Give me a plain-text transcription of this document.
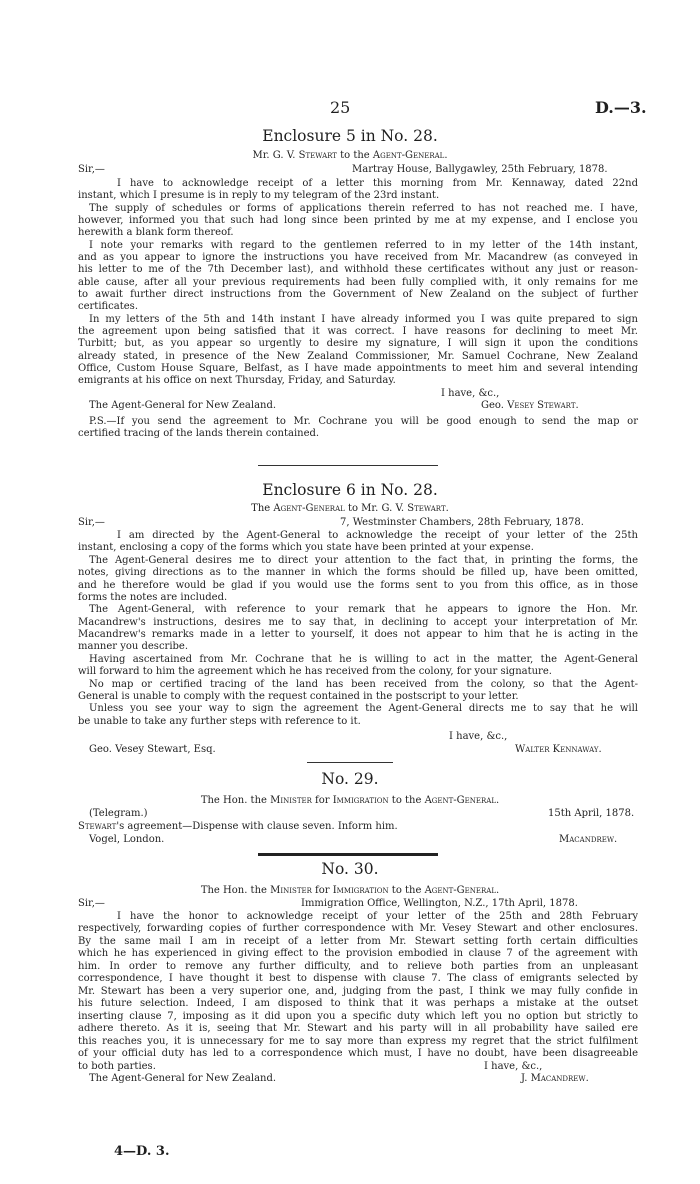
25	D.—3.
Enclosure 5 in No. 28.
Mr. G. V. Stewart to the Agent-General.
Sir,—	Martray House, Ballygawley, 25th February, 1878.
I have to acknowledge receipt of a letter this morning from Mr. Kennaway, dated 22nd
instant, which I presume is in reply to my telegram of the 23rd instant.
The supply of schedules or forms of applications therein referred to has not reached me. I have,
however, informed you that such had long since been printed by me at my expense, and I enclose you
herewith a blank form thereof.
I note your remarks with regard to the gentlemen referred to in my letter of the 14th instant,
and as you appear to ignore the instructions you have received from Mr. Macandrew (as conveyed in
his letter to me of the 7th December last), and withhold these certificates without any just or reason-
able cause, after all your previous requirements had been fully complied with, it only remains for me
to await further direct instructions from the Government of New Zealand on the subject of further
certificates.
In my letters of the 5th and 14th instant I have already informed you I was quite prepared to sign
the agreement upon being satisfied that it was correct. I have reasons for declining to meet Mr.
Turbitt; but, as you appear so urgently to desire my signature, I will sign it upon the conditions
already stated, in presence of the New Zealand Commissioner, Mr. Samuel Cochrane, New Zealand
Office, Custom House Square, Belfast, as I have made appointments to meet him and several intending
emigrants at his office on next Thursday, Friday, and Saturday.
I have, &c.,
The Agent-General for New Zealand.	Geo. Vesey Stewart.
P.S.—If you send the agreement to Mr. Cochrane you will be good enough to send the map or
certified tracing of the lands therein contained.
Enclosure 6 in No. 28.
The Agent-General to Mr. G. V. Stewart.
Sir,—	7, Westminster Chambers, 28th February, 1878.
I am directed by the Agent-General to acknowledge the receipt of your letter of the 25th
instant, enclosing a copy of the forms which you state have been printed at your expense.
The Agent-General desires me to direct your attention to the fact that, in printing the forms, the
notes, giving directions as to the manner in which the forms should be filled up, have been omitted,
and he therefore would be glad if you would use the forms sent to you from this office, as in those
forms the notes are included.
The Agent-General, with reference to your remark that he appears to ignore the Hon. Mr.
Macandrew's instructions, desires me to say that, in declining to accept your interpretation of Mr.
Macandrew's remarks made in a letter to yourself, it does not appear to him that he is acting in the
manner you describe.
Having ascertained from Mr. Cochrane that he is willing to act in the matter, the Agent-General
will forward to him the agreement which he has received from the colony, for your signature.
No map or certified tracing of the land has been received from the colony, so that the Agent-
General is unable to comply with the request contained in the postscript to your letter.
Unless you see your way to sign the agreement the Agent-General directs me to say that he will
be unable to take any further steps with reference to it.
I have, &c.,
Geo. Vesey Stewart, Esq.	Walter Kennaway.
No. 29.
The Hon. the Minister for Immigration to the Agent-General.
(Telegram.)	15th April, 1878.
Stewart's agreement—Dispense with clause seven. Inform him.
Vogel, London.	Macandrew.
No. 30.
The Hon. the Minister for Immigration to the Agent-General.
Sir,—	Immigration Office, Wellington, N.Z., 17th April, 1878.
I have the honor to acknowledge receipt of your letter of the 25th and 28th February
respectively, forwarding copies of further correspondence with Mr. Vesey Stewart and other enclosures.
By the same mail I am in receipt of a letter from Mr. Stewart setting forth certain difficulties
which he has experienced in giving effect to the provision embodied in clause 7 of the agreement with
him. In order to remove any further difficulty, and to relieve both parties from an unpleasant
correspondence, I have thought it best to dispense with clause 7. The class of emigrants selected by
Mr. Stewart has been a very superior one, and, judging from the past, I think we may fully confide in
his future selection. Indeed, I am disposed to think that it was perhaps a mistake at the outset
inserting clause 7, imposing as it did upon you a specific duty which left you no option but strictly to
adhere thereto. As it is, seeing that Mr. Stewart and his party will in all probability have sailed ere
this reaches you, it is unnecessary for me to say more than express my regret that the strict fulfilment
of your official duty has led to a correspondence which must, I have no doubt, have been disagreeable
to both parties.	I have, &c.,
The Agent-General for New Zealand.	J. Macandrew.
4—D. 3.
